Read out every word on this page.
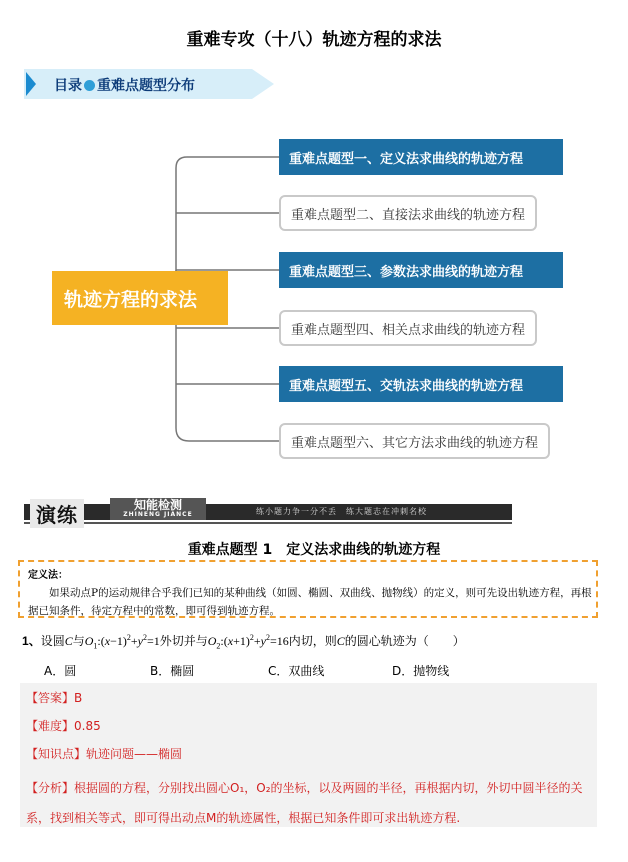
重难专攻（十八）轨迹方程的求法
目录 重难点题型分布
轨迹方程的求法
重难点题型一、定义法求曲线的轨迹方程
重难点题型二、直接法求曲线的轨迹方程
重难点题型三、参数法求曲线的轨迹方程
重难点题型四、相关点求曲线的轨迹方程
重难点题型五、交轨法求曲线的轨迹方程
重难点题型六、其它方法求曲线的轨迹方程
演练	知能检测
ZHINENG JIANCE	练小题力争一分不丢　练大题志在冲刺名校
重难点题型 1　定义法求曲线的轨迹方程
定义法：
如果动点P的运动规律合乎我们已知的某种曲线（如圆、椭圆、双曲线、抛物线）的定义，则可先设出轨迹方程，再根据已知条件，待定方程中的常数，即可得到轨迹方程。
1、设圆C与$O_1:(x-1)^2+y^2=1$外切并与$O_2:(x+1)^2+y^2=16$内切，则C的圆心轨迹为（　　）
A．圆	B．椭圆	C．双曲线	D．抛物线
【答案】B
【难度】0.85
【知识点】轨迹问题——椭圆
【分析】根据圆的方程，分别找出圆心O₁，O₂的坐标，以及两圆的半径，再根据内切，外切中圆半径的关系，找到相关等式，即可得出动点M的轨迹属性，根据已知条件即可求出轨迹方程.
